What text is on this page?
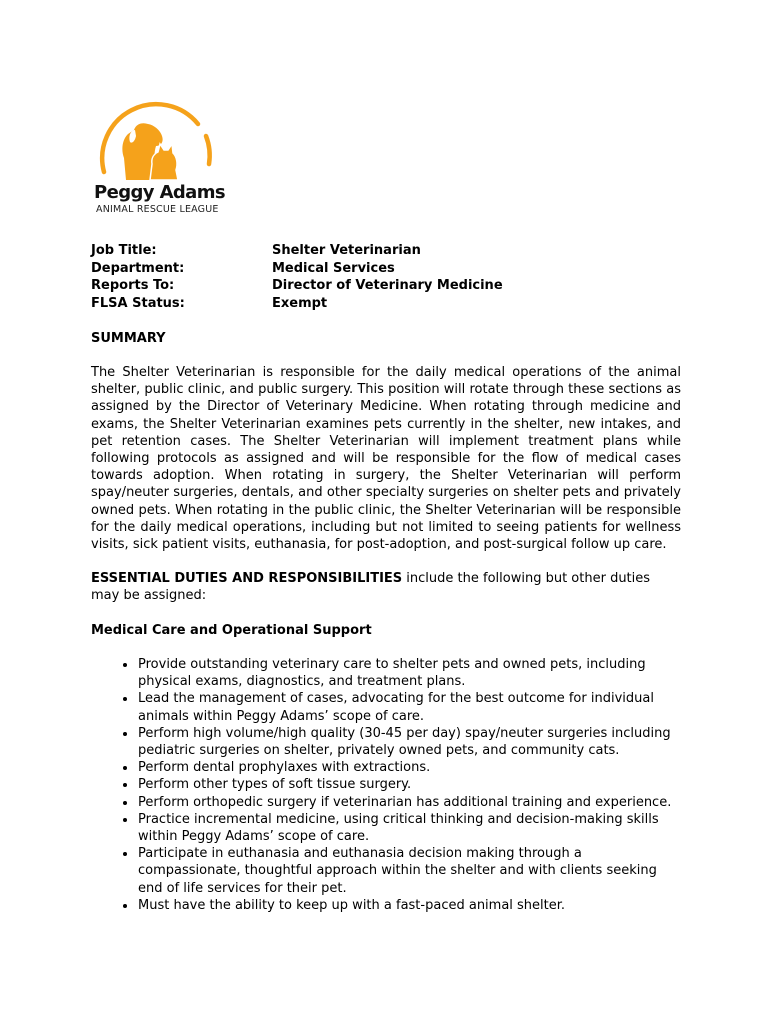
Peggy Adams
ANIMAL RESCUE LEAGUE
Job Title:	Shelter Veterinarian
Department:	Medical Services
Reports To:	Director of Veterinary Medicine
FLSA Status:	Exempt
SUMMARY
The Shelter Veterinarian is responsible for the daily medical operations of the animal shelter, public clinic, and public surgery. This position will rotate through these sections as assigned by the Director of Veterinary Medicine. When rotating through medicine and exams, the Shelter Veterinarian examines pets currently in the shelter, new intakes, and pet retention cases. The Shelter Veterinarian will implement treatment plans while following protocols as assigned and will be responsible for the flow of medical cases towards adoption. When rotating in surgery, the Shelter Veterinarian will perform spay/neuter surgeries, dentals, and other specialty surgeries on shelter pets and privately owned pets. When rotating in the public clinic, the Shelter Veterinarian will be responsible for the daily medical operations, including but not limited to seeing patients for wellness visits, sick patient visits, euthanasia, for post-adoption, and post-surgical follow up care.
ESSENTIAL DUTIES AND RESPONSIBILITIES include the following but other duties may be assigned:
Medical Care and Operational Support
• Provide outstanding veterinary care to shelter pets and owned pets, including physical exams, diagnostics, and treatment plans.
• Lead the management of cases, advocating for the best outcome for individual animals within Peggy Adams’ scope of care.
• Perform high volume/high quality (30-45 per day) spay/neuter surgeries including pediatric surgeries on shelter, privately owned pets, and community cats.
• Perform dental prophylaxes with extractions.
• Perform other types of soft tissue surgery.
• Perform orthopedic surgery if veterinarian has additional training and experience.
• Practice incremental medicine, using critical thinking and decision-making skills within Peggy Adams’ scope of care.
• Participate in euthanasia and euthanasia decision making through a compassionate, thoughtful approach within the shelter and with clients seeking end of life services for their pet.
• Must have the ability to keep up with a fast-paced animal shelter.
